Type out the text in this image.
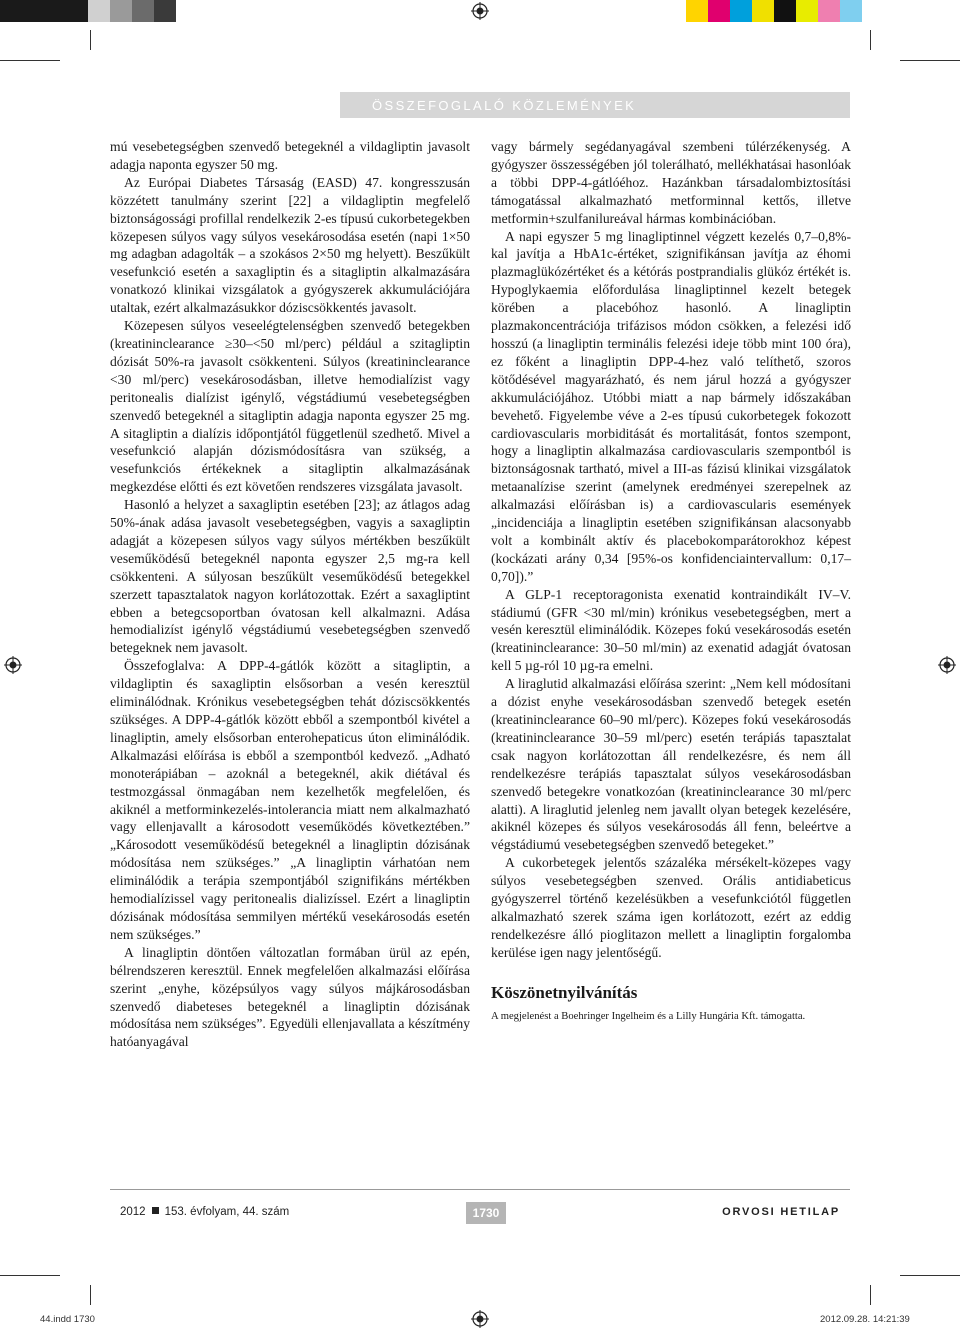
ÖSSZEFOGLALÓ KÖZLEMÉNYEK

mú vesebetegségben szenvedő betegeknél a vildagliptin javasolt adagja naponta egyszer 50 mg.

Az Európai Diabetes Társaság (EASD) 47. kongresszusán közzétett tanulmány szerint [22] a vildagliptin megfelelő biztonságossági profillal rendelkezik 2-es típusú cukorbetegekben közepesen súlyos vagy súlyos vesekárosodása esetén (napi 1×50 mg adagban adagolták – a szokásos 2×50 mg helyett). Beszűkült vesefunkció esetén a saxagliptin és a sitagliptin alkalmazására vonatkozó klinikai vizsgálatok a gyógyszerek akkumulációjára utaltak, ezért alkalmazásukkor dóziscsökkentés javasolt.

Közepesen súlyos veseelégtelenségben szenvedő betegekben (kreatininclearance ≥30–<50 ml/perc) például a szitagliptin dózisát 50%-ra javasolt csökkenteni. Súlyos (kreatininclearance <30 ml/perc) vesekárosodásban, illetve hemodialízist vagy peritonealis dialízist igénylő, végstádiumú vesebetegségben szenvedő betegeknél a sitagliptin adagja naponta egyszer 25 mg. A sitagliptin a dialízis időpontjától függetlenül szedhető. Mivel a vesefunkció alapján dózismódosításra van szükség, a vesefunkciós értékeknek a sitagliptin alkalmazásának megkezdése előtti és ezt követően rendszeres vizsgálata javasolt.

Hasonló a helyzet a saxagliptin esetében [23]; az átlagos adag 50%-ának adása javasolt vesebetegségben, vagyis a saxagliptin adagját a közepesen súlyos vagy súlyos mértékben beszűkült veseműködésű betegeknél naponta egyszer 2,5 mg-ra kell csökkenteni. A súlyosan beszűkült veseműködésű betegekkel szerzett tapasztalatok nagyon korlátozottak. Ezért a saxagliptint ebben a betegcsoportban óvatosan kell alkalmazni. Adása hemodializíst igénylő végstádiumú vesebetegségben szenvedő betegeknek nem javasolt.

Összefoglalva: A DPP-4-gátlók között a sitagliptin, a vildagliptin és saxagliptin elsősorban a vesén keresztül eliminálódnak. Krónikus vesebetegségben tehát dóziscsökkentés szükséges. A DPP-4-gátlók között ebből a szempontból kivétel a linagliptin, amely elsősorban enterohepaticus úton eliminálódik. Alkalmazási előírása is ebből a szempontból kedvező. „Adható monoterápiában – azoknál a betegeknél, akik diétával és testmozgással önmagában nem kezelhetők megfelelően, és akiknél a metforminkezelés-intolerancia miatt nem alkalmazható vagy ellenjavallt a károsodott veseműködés következtében.” „Károsodott veseműködésű betegeknél a linagliptin dózisának módosítása nem szükséges.” „A linagliptin várhatóan nem eliminálódik a terápia szempontjából szignifikáns mértékben hemodialízissel vagy peritonealis dializíssel. Ezért a linagliptin dózisának módosítása semmilyen mértékű vesekárosodás esetén nem szükséges.”

A linagliptin döntően változatlan formában ürül az epén, bélrendszeren keresztül. Ennek megfelelően alkalmazási előírása szerint „enyhe, középsúlyos vagy súlyos májkárosodásban szenvedő diabeteses betegeknél a linagliptin dózisának módosítása nem szükséges”. Egyedüli ellenjavallata a készítmény hatóanyagával

vagy bármely segédanyagával szembeni túlérzékenység. A gyógyszer összességében jól tolerálható, mellékhatásai hasonlóak a többi DPP-4-gátlóéhoz. Hazánkban társadalombiztosítási támogatással alkalmazható metforminnal kettős, illetve metformin+szulfanilureával hármas kombinációban.

A napi egyszer 5 mg linagliptinnel végzett kezelés 0,7–0,8%-kal javítja a HbA1c-értéket, szignifikánsan javítja az éhomi plazmaglükózértéket és a kétórás postprandialis glükóz értékét is. Hypoglykaemia előfordulása linagliptinnel kezelt betegek körében a placebóhoz hasonló. A linagliptin plazmakoncentrációja trifázisos módon csökken, a felezési idő hosszú (a linagliptin terminális felezési ideje több mint 100 óra), ez főként a linagliptin DPP-4-hez való telíthető, szoros kötődésével magyarázható, és nem járul hozzá a gyógyszer akkumulációjához. Utóbbi miatt a nap bármely időszakában bevehető. Figyelembe véve a 2-es típusú cukorbetegek fokozott cardiovascularis morbiditását és mortalitását, fontos szempont, hogy a linagliptin alkalmazása cardiovascularis szempontból is biztonságosnak tartható, mivel a III-as fázisú klinikai vizsgálatok metaanalízise szerint (amelynek eredményei szerepelnek az alkalmazási előírásban is) a cardiovascularis események „incidenciája a linagliptin esetében szignifikánsan alacsonyabb volt a kombinált aktív és placebokomparátorokhoz képest (kockázati arány 0,34 [95%-os konfidenciaintervallum: 0,17–0,70]).”

A GLP-1 receptoragonista exenatid kontraindikált IV–V. stádiumú (GFR <30 ml/min) krónikus vesebetegségben, mert a vesén keresztül eliminálódik. Közepes fokú vesekárosodás esetén (kreatininclearance: 30–50 ml/min) az exenatid adagját óvatosan kell 5 µg-ról 10 µg-ra emelni.

A liraglutid alkalmazási előírása szerint: „Nem kell módosítani a dózist enyhe vesekárosodásban szenvedő betegek esetén (kreatininclearance 60–90 ml/perc). Közepes fokú vesekárosodás (kreatininclearance 30–59 ml/perc) esetén terápiás tapasztalat csak nagyon korlátozottan áll rendelkezésre, és nem áll rendelkezésre terápiás tapasztalat súlyos vesekárosodásban szenvedő betegekre vonatkozóan (kreatininclearance 30 ml/perc alatti). A liraglutid jelenleg nem javallt olyan betegek kezelésére, akiknél közepes és súlyos vesekárosodás áll fenn, beleértve a végstádiumú vesebetegségben szenvedő betegeket.”

A cukorbetegek jelentős százaléka mérsékelt-közepes vagy súlyos vesebetegségben szenved. Orális antidiabeticus gyógyszerrel történő kezelésükben a vesefunkciótól független alkalmazható szerek száma igen korlátozott, ezért az eddig rendelkezésre álló pioglitazon mellett a linagliptin forgalomba kerülése igen nagy jelentőségű.

Köszönetnyilvánítás

A megjelenést a Boehringer Ingelheim és a Lilly Hungária Kft. támogatta.

2012 153. évfolyam, 44. szám	1730	ORVOSI HETILAP
44.indd 1730	2012.09.28. 14:21:39
